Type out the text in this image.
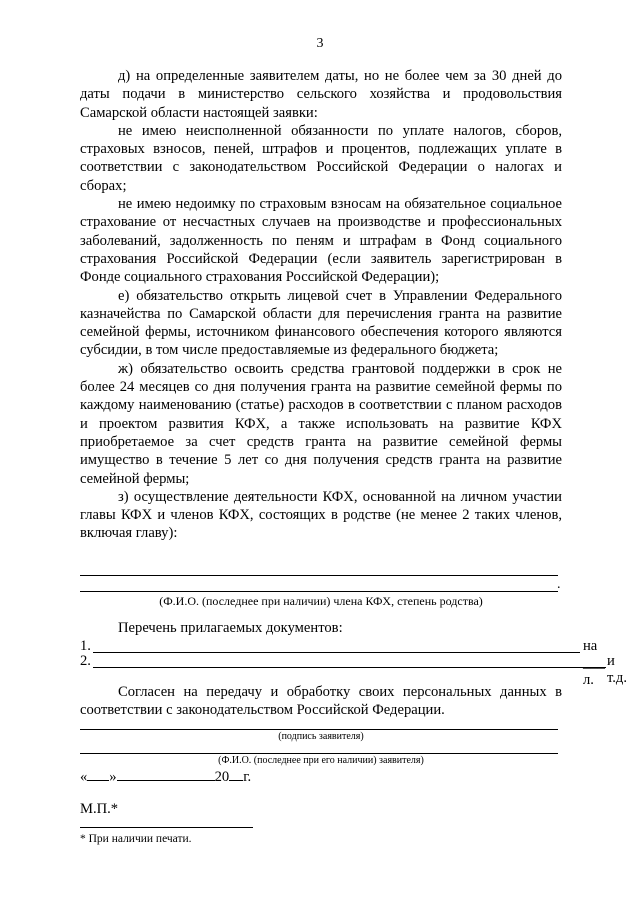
3

д) на определенные заявителем даты, но не более чем за 30 дней до даты подачи в министерство сельского хозяйства и продовольствия Самарской области настоящей заявки:

не имею неисполненной обязанности по уплате налогов, сборов, страховых взносов, пеней, штрафов и процентов, подлежащих уплате в соответствии с законодательством Российской Федерации о налогах и сборах;

не имею недоимку по страховым взносам на обязательное социальное страхование от несчастных случаев на производстве и профессиональных заболеваний, задолженность по пеням и штрафам в Фонд социального страхования Российской Федерации (если заявитель зарегистрирован в Фонде социального страхования Российской Федерации);

е) обязательство открыть лицевой счет в Управлении Федерального казначейства по Самарской области для перечисления гранта на развитие семейной фермы, источником финансового обеспечения которого являются субсидии, в том числе предоставляемые из федерального бюджета;

ж) обязательство освоить средства грантовой поддержки в срок не более 24 месяцев со дня получения гранта на развитие семейной фермы по каждому наименованию (статье) расходов в соответствии с планом расходов и проектом развития КФХ, а также использовать на развитие КФХ приобретаемое за счет средств гранта на развитие семейной фермы имущество в течение 5 лет со дня получения средств гранта на развитие семейной фермы;

з) осуществление деятельности КФХ, основанной на личном участии главы КФХ и членов КФХ, состоящих в родстве (не менее 2 таких членов, включая главу):

.
(Ф.И.О. (последнее при наличии) члена КФХ, степень родства)
Перечень прилагаемых документов:
1.	на ___ л.
2.	и т.д.
Согласен на передачу и обработку своих персональных данных в соответствии с законодательством Российской Федерации.
(подпись заявителя)
(Ф.И.О. (последнее при его наличии) заявителя)
« »	20г.
М.П.*
* При наличии печати.
